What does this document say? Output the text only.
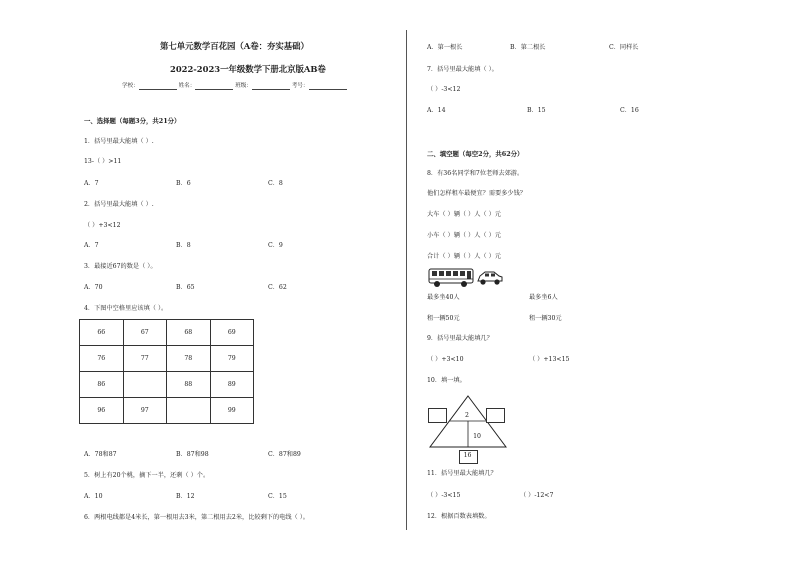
第七单元数学百花园（A卷：夯实基础）
2022-2023一年级数学下册北京版AB卷
学校：	姓名：	班级：	考号：
一、选择题（每题3分，共21分）
1．括号里最大能填（ ）.
13-（ ）>11
A．7	B．6	C．8
2．括号里最大能填（ ）.
（ ）+3<12
A．7	B．8	C．9
3．最接近67的数是（ ）。
A．70	B．65	C．62
4．下图中空格里应该填（ ）。
66	67	68	69
76	77	78	79
86		88	89
96	97		99
A．78和87	B．87和98	C．87和89
5．树上有20个桃，摘下一半，还剩（ ）个。
A．10	B．12	C．15
6．两根电线都是4米长，第一根用去3米，第二根用去2米，比较剩下的电线（ ）。
A．第一根长	B．第二根长	C．同样长
7．括号里最大能填（ ）。
（ ）-3<12
A．14	B．15	C．16
二、填空题（每空2分，共62分）
8．有36名同学和7位老师去郊游。
他们怎样租车最便宜？需要多少钱？
大车（ ）辆（ ）人（ ）元
小车（ ）辆（ ）人（ ）元
合计（ ）辆（ ）人（ ）元
最多坐40人	最多坐6人
租一辆50元	租一辆30元
9．括号里最大能填几？
（ ）+3<10	（ ）+13<15
10．填一填。
16
2
10
11．括号里最大能填几？
（ ）-3<15	（ ）-12<7
12．根据百数表填数。
